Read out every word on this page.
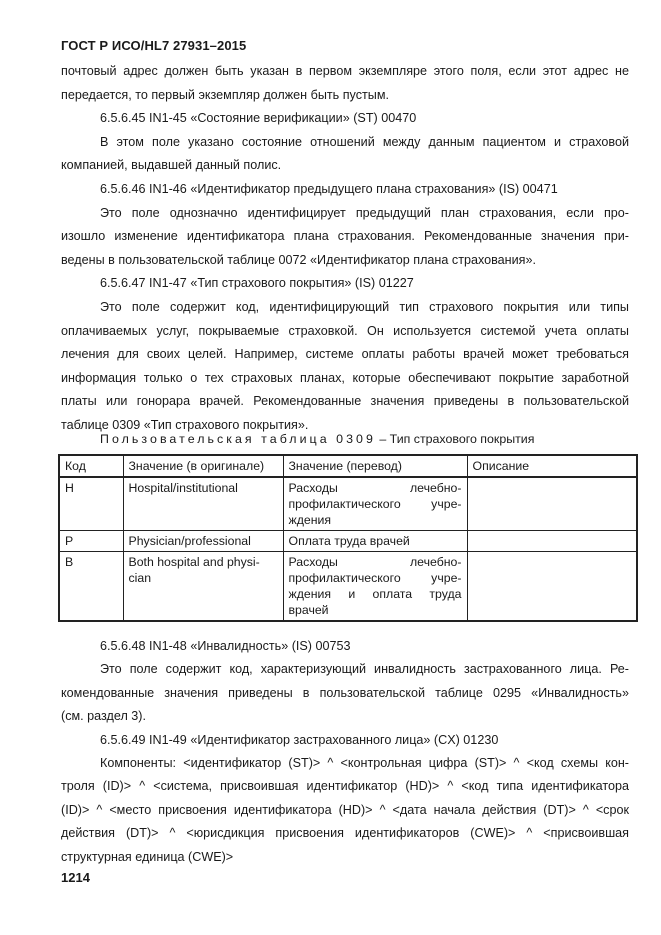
ГОСТ Р ИСО/HL7 27931–2015
почтовый адрес должен быть указан в первом экземпляре этого поля, если этот адрес не
передается, то первый экземпляр должен быть пустым.
6.5.6.45 IN1-45 «Состояние верификации» (ST) 00470
В этом поле указано состояние отношений между данным пациентом и страховой
компанией, выдавшей данный полис.
6.5.6.46 IN1-46 «Идентификатор предыдущего плана страхования» (IS) 00471
Это поле однозначно идентифицирует предыдущий план страхования, если про-
изошло изменение идентификатора плана страхования. Рекомендованные значения при-
ведены в пользовательской таблице 0072 «Идентификатор плана страхования».
6.5.6.47 IN1-47 «Тип страхового покрытия» (IS) 01227
Это поле содержит код, идентифицирующий тип страхового покрытия или типы
оплачиваемых услуг, покрываемые страховкой. Он используется системой учета оплаты
лечения для своих целей. Например, системе оплаты работы врачей может требоваться
информация только о тех страховых планах, которые обеспечивают покрытие заработной
платы или гонорара врачей. Рекомендованные значения приведены в пользовательской
таблице 0309 «Тип страхового покрытия».
Пользовательская таблица 0309 – Тип страхового покрытия
Код	Значение (в оригинале)	Значение (перевод)	Описание
H	Hospital/institutional	Расходы лечебно-
профилактического учре-
ждения	

P	Physician/professional	Оплата труда врачей	

B	Both hospital and physi-
cian	Расходы лечебно-
профилактического учре-
ждения и оплата труда
врачей	

6.5.6.48 IN1-48 «Инвалидность» (IS) 00753
Это поле содержит код, характеризующий инвалидность застрахованного лица. Ре-
комендованные значения приведены в пользовательской таблице 0295 «Инвалидность»
(см. раздел 3).
6.5.6.49 IN1-49 «Идентификатор застрахованного лица» (CX) 01230
Компоненты: <идентификатор (ST)> ^ <контрольная цифра (ST)> ^ <код схемы кон-
троля (ID)> ^ <система, присвоившая идентификатор (HD)> ^ <код типа идентификатора
(ID)> ^ <место присвоения идентификатора (HD)> ^ <дата начала действия (DT)> ^ <срок
действия (DT)> ^ <юрисдикция присвоения идентификаторов (CWE)> ^ <присвоившая
структурная единица (CWE)>
1214
